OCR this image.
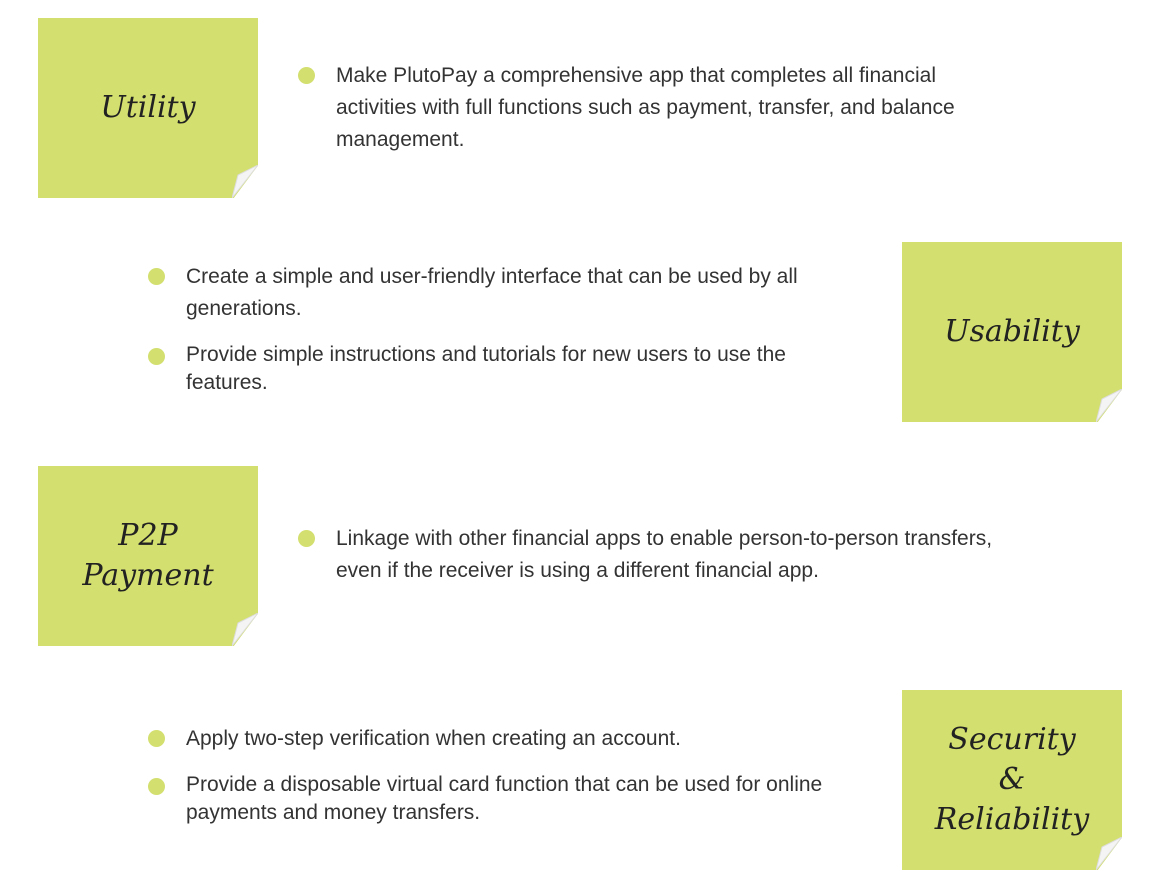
Utility
Make PlutoPay a comprehensive app that completes all financial activities with full functions such as payment, transfer, and balance management.
Create a simple and user-friendly interface that can be used by all generations.
Provide simple instructions and tutorials for new users to use the features.
Usability
P2P
Payment
Linkage with other financial apps to enable person-to-person transfers, even if the receiver is using a different financial app.
Apply two-step verification when creating an account.
Provide a disposable virtual card function that can be used for online payments and money transfers.
Security
&
Reliability
